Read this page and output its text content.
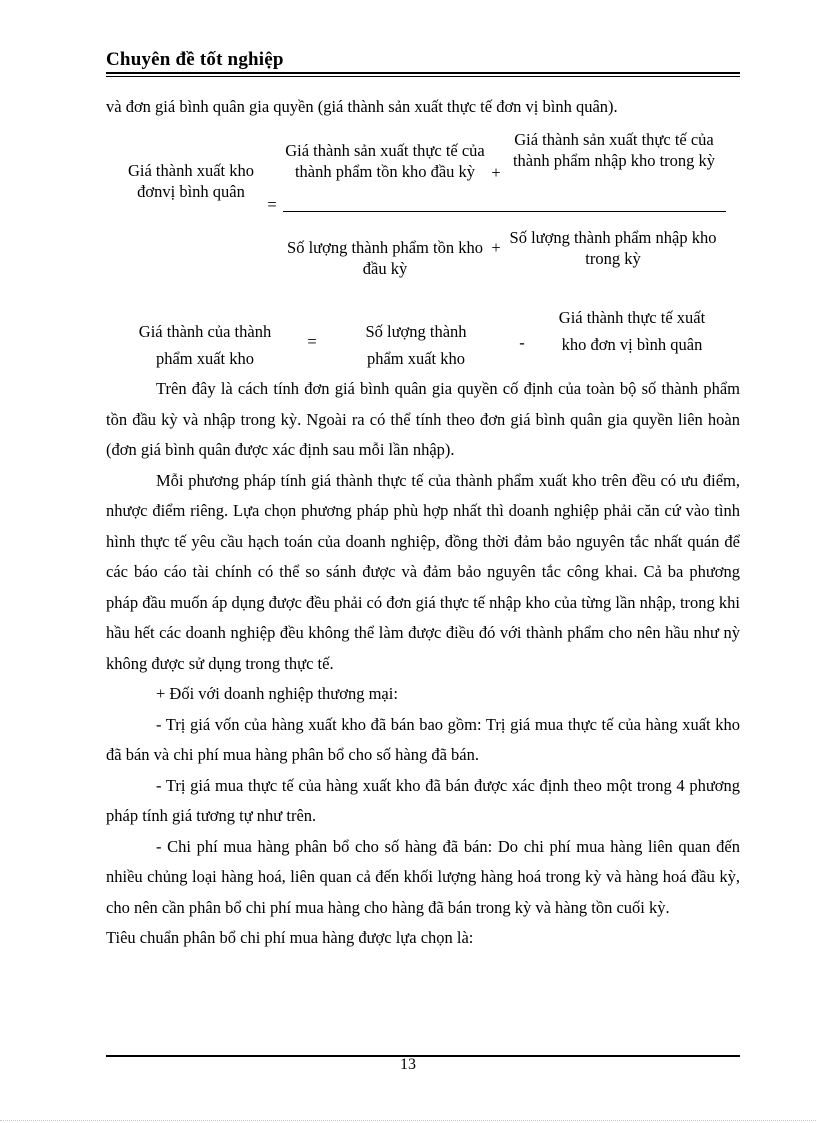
Chuyên đề tốt nghiệp
và đơn giá bình quân gia quyền (giá thành sản xuất thực tế đơn vị bình quân).
Giá thành xuất kho đơnvị bình quân
=
Giá thành sản xuất thực tế của thành phẩm tồn kho đầu kỳ +
Giá thành sản xuất thực tế của thành phẩm nhập kho trong kỳ
Số lượng thành phẩm tồn kho đầu kỳ
+
Số lượng thành phẩm nhập kho trong kỳ
Giá thành của thành phẩm xuất kho
=
Số lượng thành phẩm xuất kho
-
Giá thành thực tế xuất kho đơn vị bình quân

Trên đây là cách tính đơn giá bình quân gia quyền cố định của toàn bộ số thành phẩm tồn đầu kỳ và nhập trong kỳ. Ngoài ra có thể tính theo đơn giá bình quân gia quyền liên hoàn (đơn giá bình quân được xác định sau mỗi lần nhập).

Mỗi phương pháp tính giá thành thực tế của thành phẩm xuất kho trên đều có ưu điểm, nhược điểm riêng. Lựa chọn phương pháp phù hợp nhất thì doanh nghiệp phải căn cứ vào tình hình thực tế yêu cầu hạch toán của doanh nghiệp, đồng thời đảm bảo nguyên tắc nhất quán để các báo cáo tài chính có thể so sánh được và đảm bảo nguyên tắc công khai. Cả ba phương pháp đầu muốn áp dụng được đều phải có đơn giá thực tế nhập kho của từng lần nhập, trong khi hầu hết các doanh nghiệp đều không thể làm được điều đó với thành phẩm cho nên hầu như nỳ không được sử dụng trong thực tế.

+ Đối với doanh nghiệp thương mại:

- Trị giá vốn của hàng xuất kho đã bán bao gồm: Trị giá mua thực tế của hàng xuất kho đã bán và chi phí mua hàng phân bổ cho số hàng đã bán.

- Trị giá mua thực tế của hàng xuất kho đã bán được xác định theo một trong 4 phương pháp tính giá tương tự như trên.

- Chi phí mua hàng phân bổ cho số hàng đã bán: Do chi phí mua hàng liên quan đến nhiều chủng loại hàng hoá, liên quan cả đến khối lượng hàng hoá trong kỳ và hàng hoá đầu kỳ, cho nên cần phân bổ chi phí mua hàng cho hàng đã bán trong kỳ và hàng tồn cuối kỳ.

Tiêu chuẩn phân bổ chi phí mua hàng được lựa chọn là:

13
